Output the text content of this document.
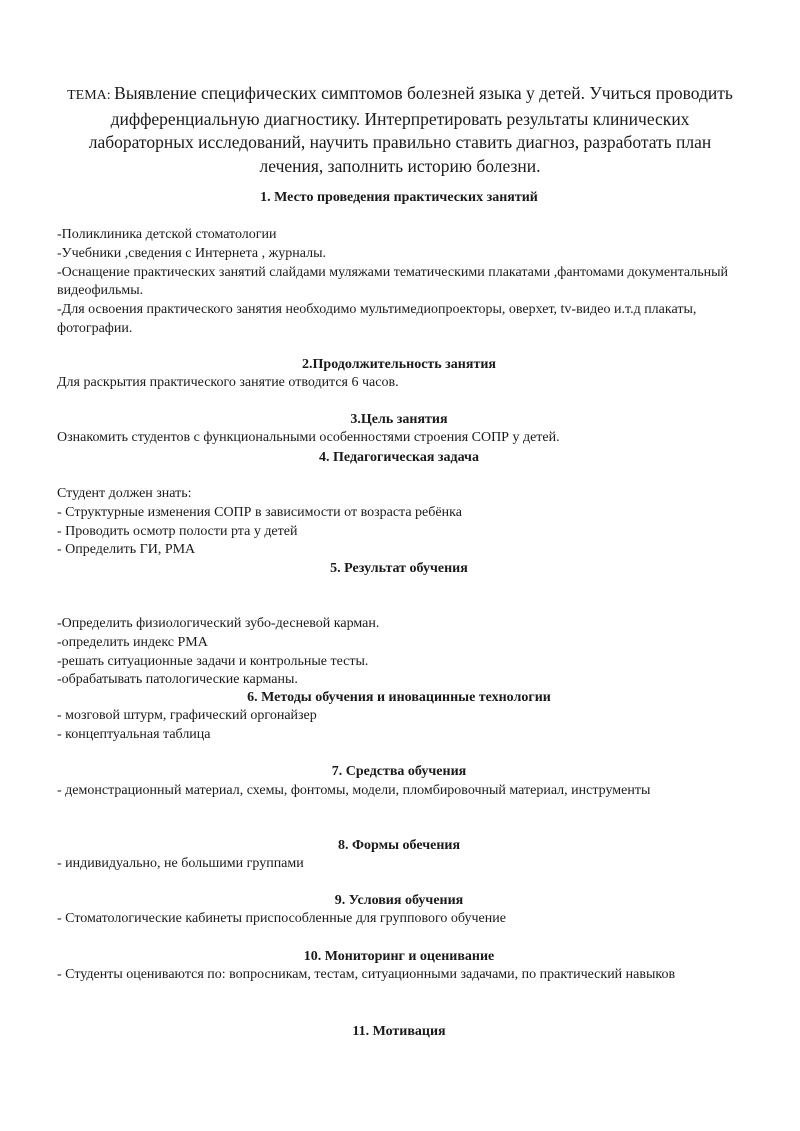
ТЕМА: Выявление специфических симптомов болезней языка у детей. Учиться проводить дифференциальную диагностику. Интерпретировать результаты клинических лабораторных исследований, научить правильно ставить диагноз, разработать план лечения, заполнить историю болезни.
1. Место проведения практических занятий
-Поликлиника детской стоматологии
-Учебники ,сведения с Интернета , журналы.
-Оснащение практических занятий слайдами муляжами тематическими плакатами ,фантомами документальный видеофильмы.
-Для освоения практического занятия необходимо мультимедиопроекторы, оверхет, tv-видео и.т.д плакаты, фотографии.
2.Продолжительность занятия
Для раскрытия практического занятие отводится 6 часов.
3.Цель занятия
Ознакомить студентов с функциональными особенностями строения СОПР у детей.
4. Педагогическая задача
Студент должен знать:
- Структурные изменения СОПР в зависимости от возраста ребёнка
- Проводить осмотр полости рта у детей
- Определить ГИ, РМА
5. Результат обучения
-Определить физиологический зубо-десневой карман.
-определить индекс РМА
-решать ситуационные задачи и контрольные тесты.
-обрабатывать патологические карманы.
6. Методы обучения и иновацинные технологии
- мозговой штурм, графический оргонайзер
- концептуальная таблица
7. Средства обучения
- демонстрационный материал, схемы, фонтомы, модели, пломбировочный материал, инструменты
8. Формы обечения
- индивидуально, не большими группами
9. Условия обучения
- Стоматологические кабинеты приспособленные для группового обучение
10. Мониторинг и оценивание
- Студенты оцениваются по: вопросникам, тестам, ситуационными задачами, по практический навыков
11. Мотивация
